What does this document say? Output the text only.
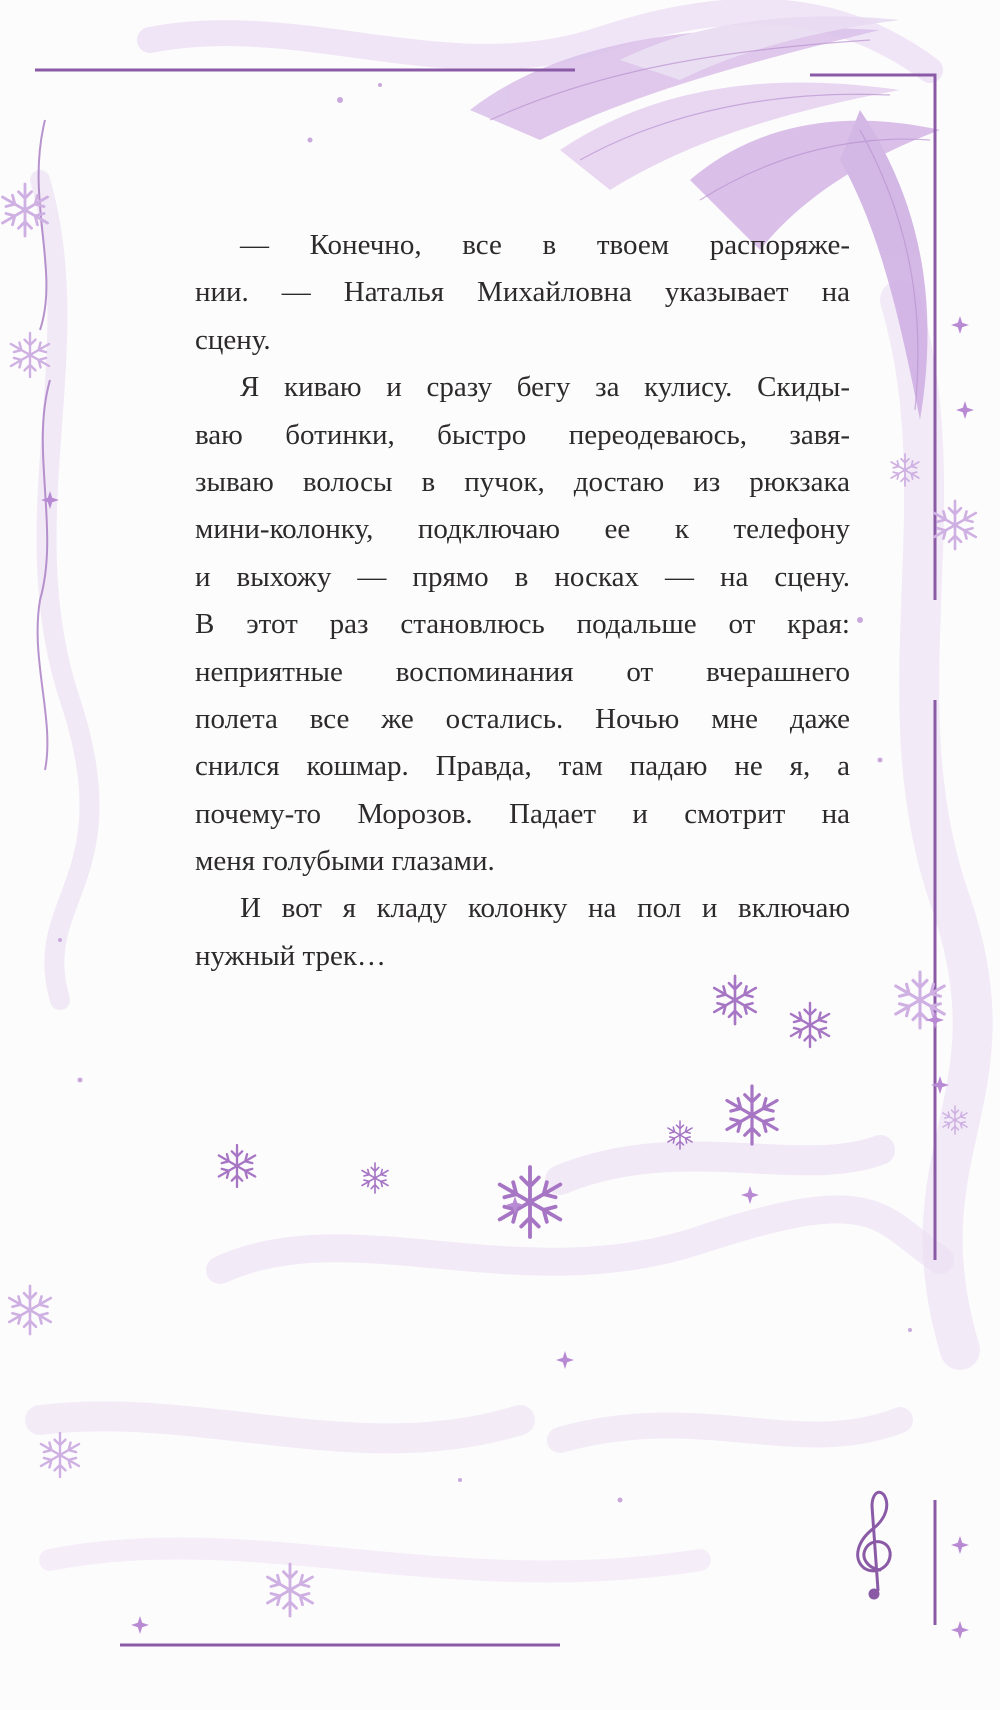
— Конечно, все в твоем распоряже-
нии. — Наталья Михайловна указывает на
сцену.
Я киваю и сразу бегу за кулису. Скиды-
ваю ботинки, быстро переодеваюсь, завя-
зываю волосы в пучок, достаю из рюкзака
мини-колонку, подключаю ее к телефону
и выхожу — прямо в носках — на сцену.
В этот раз становлюсь подальше от края:
неприятные воспоминания от вчерашнего
полета все же остались. Ночью мне даже
снился кошмар. Правда, там падаю не я, а
почему-то Морозов. Падает и смотрит на
меня голубыми глазами.
И вот я кладу колонку на пол и включаю
нужный трек…
